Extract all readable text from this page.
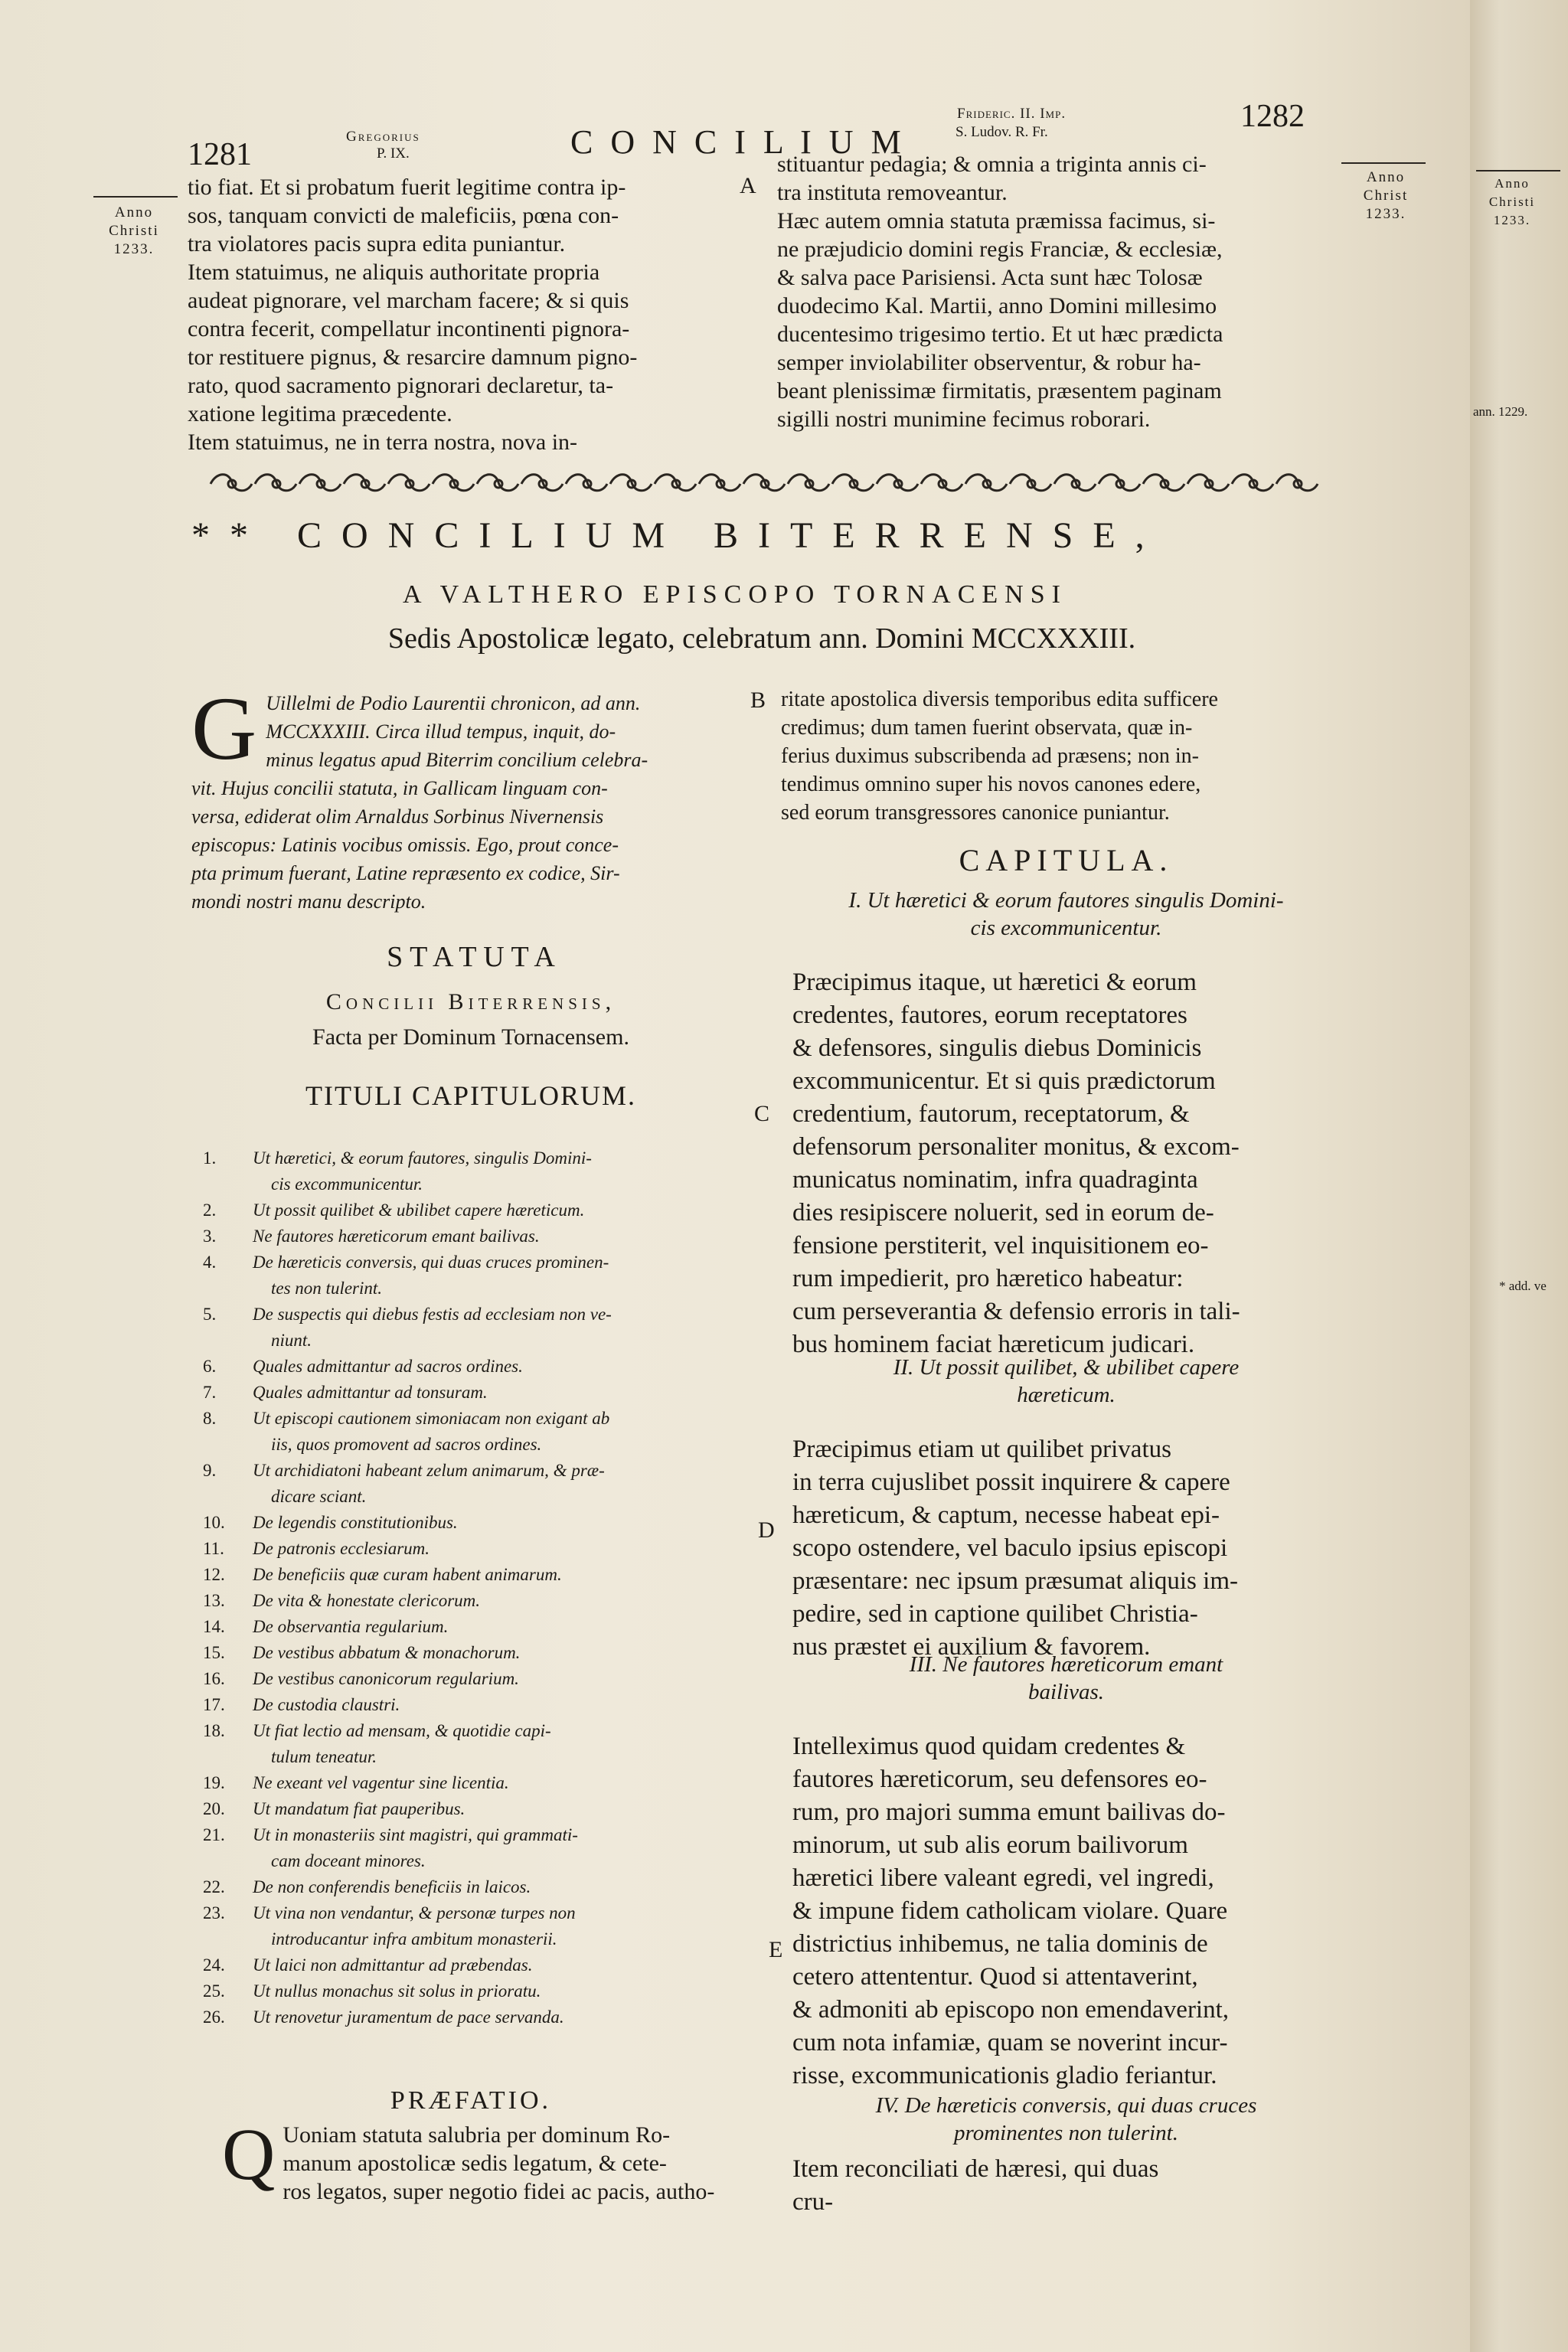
1281
Gregorius
P. IX.	C O N C I L I U M
Frideric. II. Imp.
S. Ludov. R. Fr.	1282
Anno
Christi
1233.
Anno
Christ
1233.
A
B
C
D
E
tio fiat. Et si probatum fuerit legitime contra ip-
sos, tanquam convicti de maleficiis, pœna con-
tra violatores pacis supra edita puniantur.
Item statuimus, ne aliquis authoritate propria
audeat pignorare, vel marcham facere; & si quis
contra fecerit, compellatur incontinenti pignora-
tor restituere pignus, & resarcire damnum pigno-
rato, quod sacramento pignorari declaretur, ta-
xatione legitima præcedente.
Item statuimus, ne in terra nostra, nova in-
stituantur pedagia; & omnia a triginta annis ci-
tra instituta removeantur.
Hæc autem omnia statuta præmissa facimus, si-
ne præjudicio domini regis Franciæ, & ecclesiæ,
& salva pace Parisiensi. Acta sunt hæc Tolosæ
duodecimo Kal. Martii, anno Domini millesimo
ducentesimo trigesimo tertio. Et ut hæc prædicta
semper inviolabiliter observentur, & robur ha-
beant plenissimæ firmitatis, præsentem paginam
sigilli nostri munimine fecimus roborari.
** CONCILIUM BITERRENSE,
A VALTHERO EPISCOPO TORNACENSI
Sedis Apostolicæ legato, celebratum ann. Domini MCCXXXIII.
G Uillelmi de Podio Laurentii chronicon, ad ann.
MCCXXXIII. Circa illud tempus, inquit, do-
minus legatus apud Biterrim concilium celebra-
vit. Hujus concilii statuta, in Gallicam linguam con-
versa, ediderat olim Arnaldus Sorbinus Nivernensis
episcopus: Latinis vocibus omissis. Ego, prout conce-
pta primum fuerant, Latine repræsento ex codice, Sir-
mondi nostri manu descripto.
S T A T U T A
Concilii Biterrensis,
Facta per Dominum Tornacensem.
TITULI CAPITULORUM.
1.	Ut hæretici, & eorum fautores, singulis Domini-
cis excommunicentur.
2.	Ut possit quilibet & ubilibet capere hæreticum.
3.	Ne fautores hæreticorum emant bailivas.
4.	De hæreticis conversis, qui duas cruces prominen-
tes non tulerint.
5.	De suspectis qui diebus festis ad ecclesiam non ve-
niunt.
6.	Quales admittantur ad sacros ordines.
7.	Quales admittantur ad tonsuram.
8.	Ut episcopi cautionem simoniacam non exigant ab
iis, quos promovent ad sacros ordines.
9.	Ut archidiatoni habeant zelum animarum, & præ-
dicare sciant.
10.	De legendis constitutionibus.
11.	De patronis ecclesiarum.
12.	De beneficiis quæ curam habent animarum.
13.	De vita & honestate clericorum.
14.	De observantia regularium.
15.	De vestibus abbatum & monachorum.
16.	De vestibus canonicorum regularium.
17.	De custodia claustri.
18.	Ut fiat lectio ad mensam, & quotidie capi-
tulum teneatur.
19.	Ne exeant vel vagentur sine licentia.
20.	Ut mandatum fiat pauperibus.
21.	Ut in monasteriis sint magistri, qui grammati-
cam doceant minores.
22.	De non conferendis beneficiis in laicos.
23.	Ut vina non vendantur, & personæ turpes non
introducantur infra ambitum monasterii.
24.	Ut laici non admittantur ad præbendas.
25.	Ut nullus monachus sit solus in prioratu.
26.	Ut renovetur juramentum de pace servanda.
PRÆFATIO.
Q Uoniam statuta salubria per dominum Ro-
manum apostolicæ sedis legatum, & cete-
ros legatos, super negotio fidei ac pacis, autho-
ritate apostolica diversis temporibus edita sufficere
credimus; dum tamen fuerint observata, quæ in-
ferius duximus subscribenda ad præsens; non in-
tendimus omnino super his novos canones edere,
sed eorum transgressores canonice puniantur.
CAPITULA.
I. Ut hæretici & eorum fautores singulis Domini-
cis excommunicentur.
Præcipimus itaque, ut hæretici & eorum
credentes, fautores, eorum receptatores
& defensores, singulis diebus Dominicis
excommunicentur. Et si quis prædictorum
credentium, fautorum, receptatorum, &
defensorum personaliter monitus, & excom-
municatus nominatim, infra quadraginta
dies resipiscere noluerit, sed in eorum de-
fensione perstiterit, vel inquisitionem eo-
rum impedierit, pro hæretico habeatur:
cum perseverantia & defensio erroris in tali-
bus hominem faciat hæreticum judicari.
II. Ut possit quilibet, & ubilibet capere
hæreticum.
Præcipimus etiam ut quilibet privatus
in terra cujuslibet possit inquirere & capere
hæreticum, & captum, necesse habeat epi-
scopo ostendere, vel baculo ipsius episcopi
præsentare: nec ipsum præsumat aliquis im-
pedire, sed in captione quilibet Christia-
nus præstet ei auxilium & favorem.
III. Ne fautores hæreticorum emant
bailivas.
Intelleximus quod quidam credentes &
fautores hæreticorum, seu defensores eo-
rum, pro majori summa emunt bailivas do-
minorum, ut sub alis eorum bailivorum
hæretici libere valeant egredi, vel ingredi,
& impune fidem catholicam violare. Quare
districtius inhibemus, ne talia dominis de
cetero attententur. Quod si attentaverint,
& admoniti ab episcopo non emendaverint,
cum nota infamiæ, quam se noverint incur-
risse, excommunicationis gladio feriantur.
IV. De hæreticis conversis, qui duas cruces
prominentes non tulerint.
Item reconciliati de hæresi, qui duas
cru-
Anno
Christi
1233.
ann. 1229.
* add. ve
